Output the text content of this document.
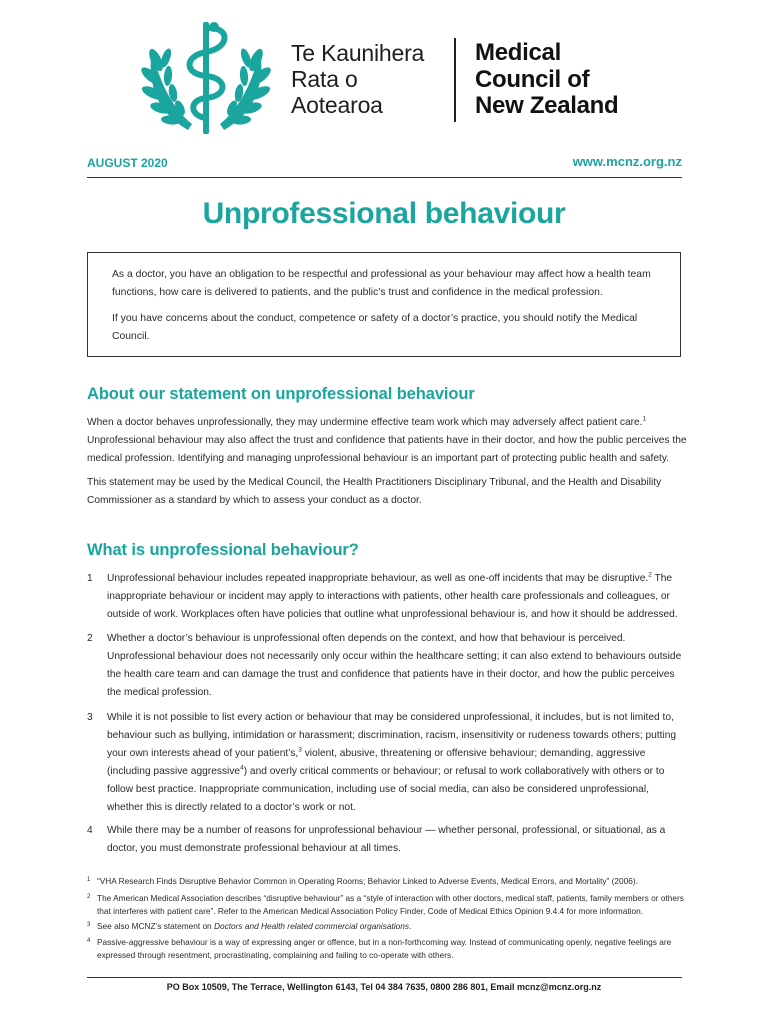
Te Kaunihera
Rata o
Aotearoa
Medical
Council of
New Zealand
AUGUST 2020	www.mcnz.org.nz
Unprofessional behaviour

As a doctor, you have an obligation to be respectful and professional as your behaviour may affect how a health team functions, how care is delivered to patients, and the public’s trust and confidence in the medical profession.

If you have concerns about the conduct, competence or safety of a doctor’s practice, you should notify the Medical Council.

About our statement on unprofessional behaviour

When a doctor behaves unprofessionally, they may undermine effective team work which may adversely affect patient care.$^1$ Unprofessional behaviour may also affect the trust and confidence that patients have in their doctor, and how the public perceives the medical profession. Identifying and managing unprofessional behaviour is an important part of protecting public health and safety.

This statement may be used by the Medical Council, the Health Practitioners Disciplinary Tribunal, and the Health and Disability Commissioner as a standard by which to assess your conduct as a doctor.

What is unprofessional behaviour?
1 Unprofessional behaviour includes repeated inappropriate behaviour, as well as one-off incidents that may be disruptive.$^2$ The inappropriate behaviour or incident may apply to interactions with patients, other health care professionals and colleagues, or outside of work. Workplaces often have policies that outline what unprofessional behaviour is, and how it should be addressed.
2 Whether a doctor’s behaviour is unprofessional often depends on the context, and how that behaviour is perceived. Unprofessional behaviour does not necessarily only occur within the healthcare setting; it can also extend to behaviours outside the health care team and can damage the trust and confidence that patients have in their doctor, and how the public perceives the medical profession.
3 While it is not possible to list every action or behaviour that may be considered unprofessional, it includes, but is not limited to, behaviour such as bullying, intimidation or harassment; discrimination, racism, insensitivity or rudeness towards others; putting your own interests ahead of your patient’s,$^3$ violent, abusive, threatening or offensive behaviour; demanding, aggressive (including passive aggressive$^4$) and overly critical comments or behaviour; or refusal to work collaboratively with others or to follow best practice. Inappropriate communication, including use of social media, can also be considered unprofessional, whether this is directly related to a doctor’s work or not.
4 While there may be a number of reasons for unprofessional behaviour — whether personal, professional, or situational, as a doctor, you must demonstrate professional behaviour at all times.
1 “VHA Research Finds Disruptive Behavior Common in Operating Rooms; Behavior Linked to Adverse Events, Medical Errors, and Mortality” (2006).
2 The American Medical Association describes “disruptive behaviour” as a “style of interaction with other doctors, medical staff, patients, family members or others that interferes with patient care”. Refer to the American Medical Association Policy Finder, Code of Medical Ethics Opinion 9.4.4 for more information.
3 See also MCNZ’s statement on Doctors and Health related commercial organisations.
4 Passive-aggressive behaviour is a way of expressing anger or offence, but in a non-forthcoming way. Instead of communicating openly, negative feelings are expressed through resentment, procrastinating, complaining and failing to co-operate with others.
PO Box 10509, The Terrace, Wellington 6143, Tel 04 384 7635, 0800 286 801, Email mcnz@mcnz.org.nz
